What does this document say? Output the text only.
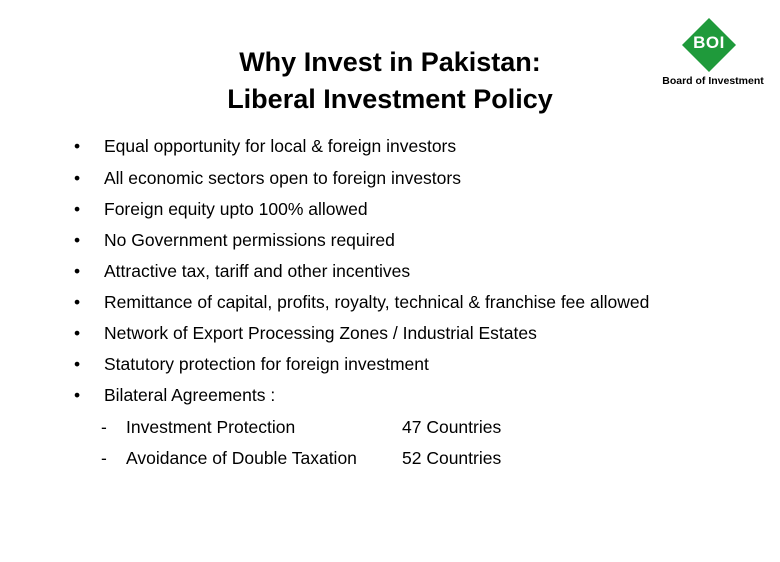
Why Invest in Pakistan:
Liberal Investment Policy
BOI
Board of Investment
• Equal opportunity for local & foreign investors
• All economic sectors open to foreign investors
• Foreign equity upto 100% allowed
• No Government permissions required
• Attractive tax, tariff and other incentives
• Remittance of capital, profits, royalty, technical & franchise fee allowed
• Network of Export Processing Zones / Industrial Estates
• Statutory protection for foreign investment
• Bilateral Agreements :
- Investment Protection	47 Countries
- Avoidance of Double Taxation	52 Countries
